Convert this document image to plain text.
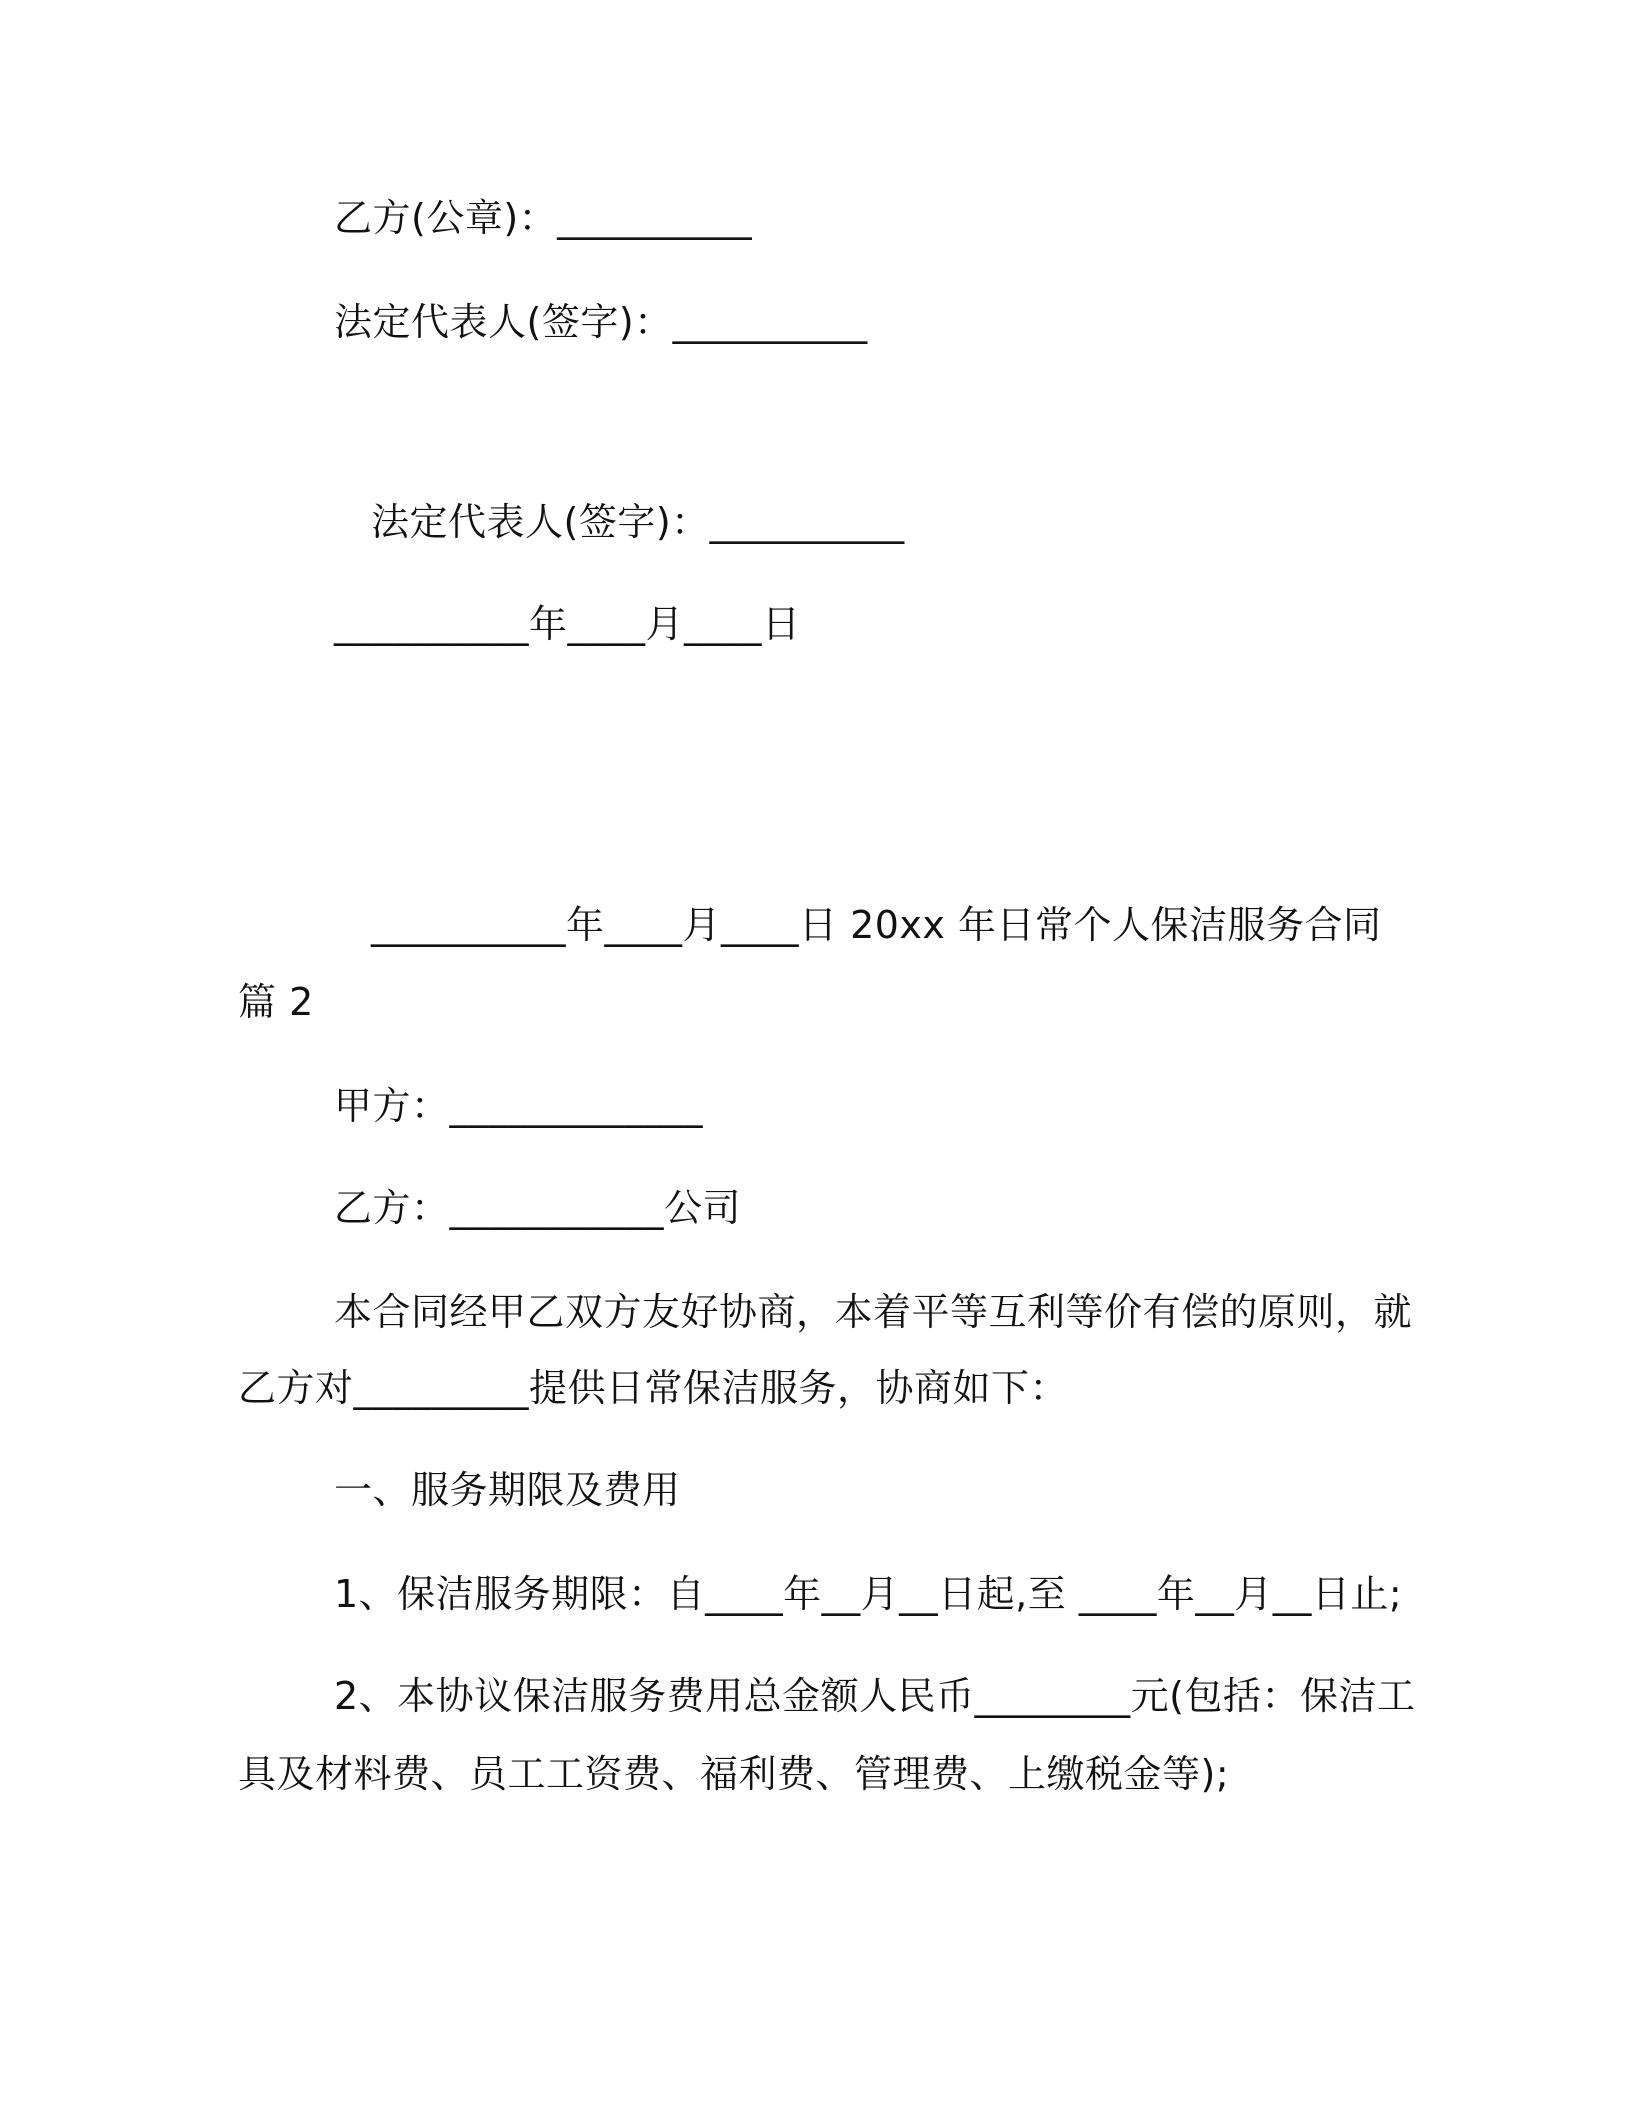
乙方(公章)：__________
法定代表人(签字)：__________
法定代表人(签字)：__________
__________年____月____日
__________年____月____日 20xx 年日常个人保洁服务合同
篇 2
甲方：_____________
乙方：___________公司
本合同经甲乙双方友好协商，本着平等互利等价有偿的原则，就
乙方对_________提供日常保洁服务，协商如下：
一、服务期限及费用
1、保洁服务期限：自____年__月__日起,至 ____年__月__日止;
2、本协议保洁服务费用总金额人民币________元(包括：保洁工
具及材料费、员工工资费、福利费、管理费、上缴税金等);
